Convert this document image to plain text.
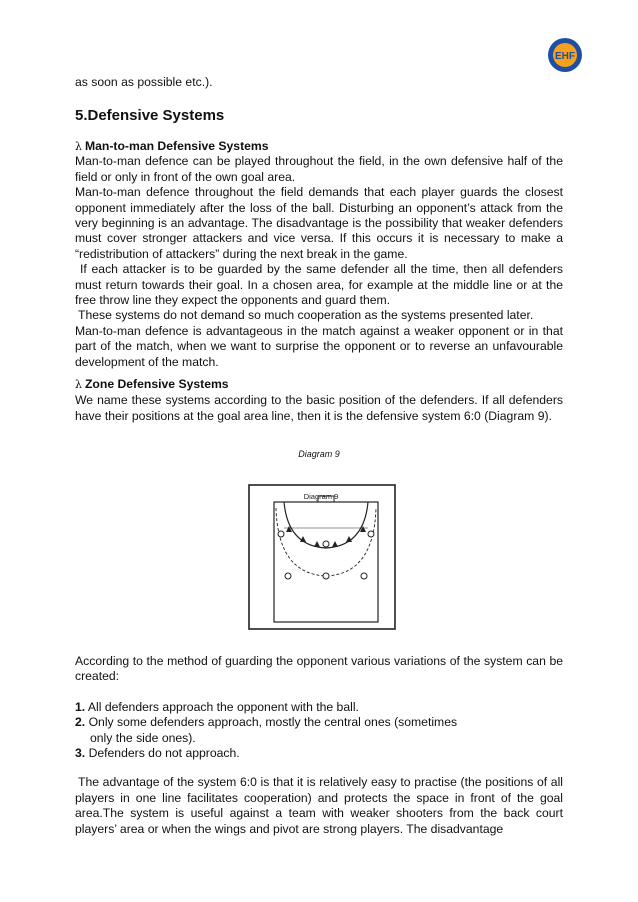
EHF

as soon as possible etc.).

5.Defensive Systems

λ Man-to-man Defensive Systems

Man-to-man defence can be played throughout the field, in the own defensive half of the field or only in front of the own goal area.

Man-to-man defence throughout the field demands that each player guards the closest opponent immediately after the loss of the ball. Disturbing an opponent’s attack from the very beginning is an advantage. The disadvantage is the possibility that weaker defenders must cover stronger attackers and vice versa. If this occurs it is necessary to make a “redistribution of attackers” during the next break in the game.

If each attacker is to be guarded by the same defender all the time, then all defenders must return towards their goal. In a chosen area, for example at the middle line or at the free throw line they expect the opponents and guard them.

These systems do not demand so much cooperation as the systems presented later.

Man-to-man defence is advantageous in the match against a weaker opponent or in that part of the match, when we want to surprise the opponent or to reverse an unfavourable development of the match.

λ Zone Defensive Systems

We name these systems according to the basic position of the defenders. If all defenders have their positions at the goal area line, then it is the defensive system 6:0 (Diagram 9).

Diagram 9

According to the method of guarding the opponent various variations of the system can be created:

1. All defenders approach the opponent with the ball.

2. Only some defenders approach, mostly the central ones (sometimes
only the side ones).

3. Defenders do not approach.

The advantage of the system 6:0 is that it is relatively easy to practise (the positions of all players in one line facilitates cooperation) and protects the space in front of the goal area.The system is useful against a team with weaker shooters from the back court players’ area or when the wings and pivot are strong players. The disadvantage

Diagram 9
